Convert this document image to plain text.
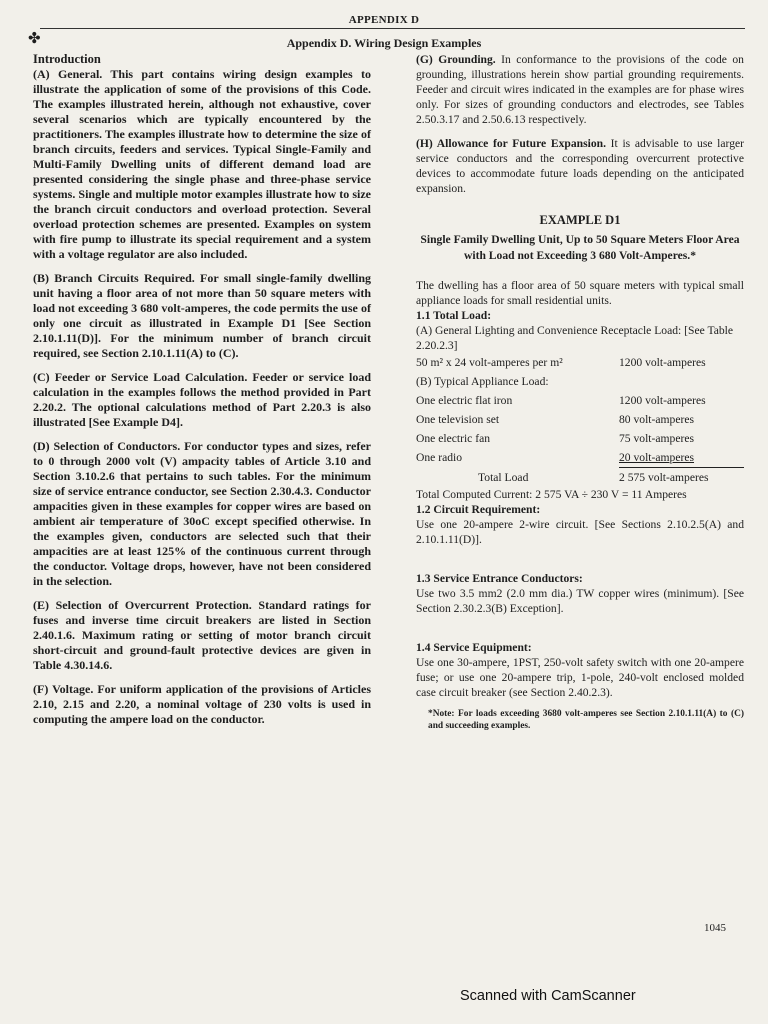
APPENDIX D
✤	Appendix D. Wiring Design Examples

Introduction

(A) General. This part contains wiring design examples to illustrate the application of some of the provisions of this Code. The examples illustrated herein, although not exhaustive, cover several scenarios which are typically encountered by the practitioners. The examples illustrate how to determine the size of branch circuits, feeders and services. Typical Single-Family and Multi-Family Dwelling units of different demand load are presented considering the single phase and three-phase service systems. Single and multiple motor examples illustrate how to size the branch circuit conductors and overload protection. Several overload protection schemes are presented. Examples on system with fire pump to illustrate its special requirement and a system with a voltage regulator are also included.

(B) Branch Circuits Required. For small single-family dwelling unit having a floor area of not more than 50 square meters with load not exceeding 3 680 volt-amperes, the code permits the use of only one circuit as illustrated in Example D1 [See Section 2.10.1.11(D)]. For the minimum number of branch circuit required, see Section 2.10.1.11(A) to (C).

(C) Feeder or Service Load Calculation. Feeder or service load calculation in the examples follows the method provided in Part 2.20.2. The optional calculations method of Part 2.20.3 is also illustrated [See Example D4].

(D) Selection of Conductors. For conductor types and sizes, refer to 0 through 2000 volt (V) ampacity tables of Article 3.10 and Section 3.10.2.6 that pertains to such tables. For the minimum size of service entrance conductor, see Section 2.30.4.3. Conductor ampacities given in these examples for copper wires are based on ambient air temperature of 30oC except specified otherwise. In the examples given, conductors are selected such that their ampacities are at least 125% of the continuous current through the conductor. Voltage drops, however, have not been considered in the selection.

(E) Selection of Overcurrent Protection. Standard ratings for fuses and inverse time circuit breakers are listed in Section 2.40.1.6. Maximum rating or setting of motor branch circuit short-circuit and ground-fault protective devices are given in Table 4.30.14.6.

(F) Voltage. For uniform application of the provisions of Articles 2.10, 2.15 and 2.20, a nominal voltage of 230 volts is used in computing the ampere load on the conductor.

(G) Grounding. In conformance to the provisions of the code on grounding, illustrations herein show partial grounding requirements. Feeder and circuit wires indicated in the examples are for phase wires only. For sizes of grounding conductors and electrodes, see Tables 2.50.3.17 and 2.50.6.13 respectively.

(H) Allowance for Future Expansion. It is advisable to use larger service conductors and the corresponding overcurrent protective devices to accommodate future loads depending on the anticipated expansion.

EXAMPLE D1
Single Family Dwelling Unit, Up to 50 Square Meters Floor Area with Load not Exceeding 3 680 Volt-Amperes.*

The dwelling has a floor area of 50 square meters with typical small appliance loads for small residential units.

1.1 Total Load:

(A) General Lighting and Convenience Receptacle Load: [See Table 2.20.2.3]

50 m² x 24 volt-amperes per m²	1200 volt-amperes
(B) Typical Appliance Load:	
One electric flat iron	1200 volt-amperes
One television set	80 volt-amperes
One electric fan	75 volt-amperes
One radio	20 volt-amperes
Total Load	2 575 volt-amperes

Total Computed Current: 2 575 VA ÷ 230 V = 11 Amperes

1.2 Circuit Requirement:

Use one 20-ampere 2-wire circuit. [See Sections 2.10.2.5(A) and 2.10.1.11(D)].

1.3 Service Entrance Conductors:

Use two 3.5 mm2 (2.0 mm dia.) TW copper wires (minimum). [See Section 2.30.2.3(B) Exception].

1.4 Service Equipment:

Use one 30-ampere, 1PST, 250-volt safety switch with one 20-ampere fuse; or use one 20-ampere trip, 1-pole, 240-volt enclosed molded case circuit breaker (see Section 2.40.2.3).

*Note: For loads exceeding 3680 volt-amperes see Section 2.10.1.11(A) to (C) and succeeding examples.

1045
Scanned with CamScanner
